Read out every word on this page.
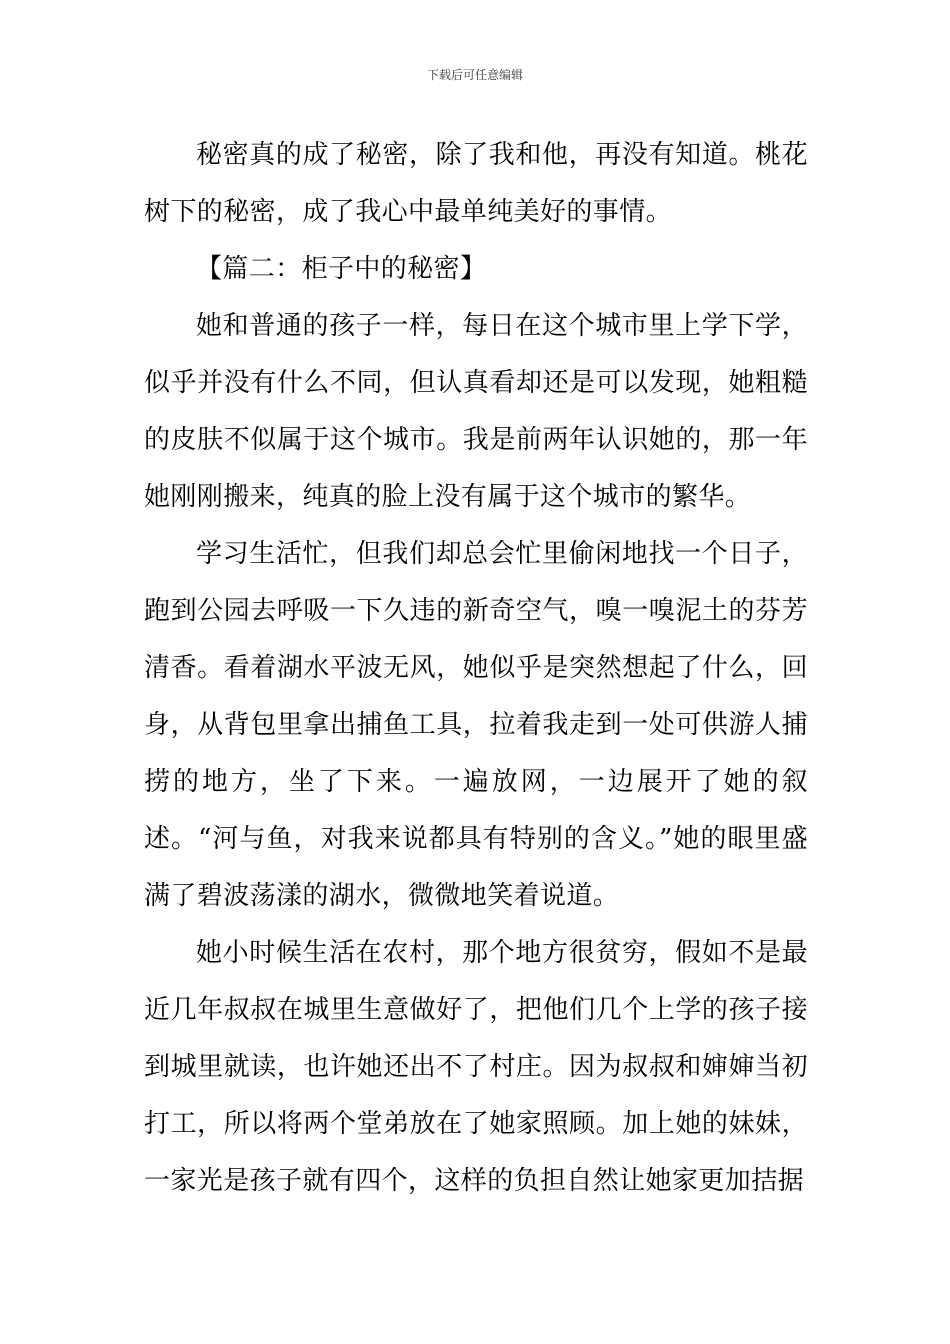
下载后可任意编辑

秘密真的成了秘密，除了我和他，再没有知道。桃花树下的秘密，成了我心中最单纯美好的事情。

【篇二：柜子中的秘密】

她和普通的孩子一样，每日在这个城市里上学下学，似乎并没有什么不同，但认真看却还是可以发现，她粗糙的皮肤不似属于这个城市。我是前两年认识她的，那一年她刚刚搬来，纯真的脸上没有属于这个城市的繁华。

学习生活忙，但我们却总会忙里偷闲地找一个日子，跑到公园去呼吸一下久违的新奇空气，嗅一嗅泥土的芬芳清香。看着湖水平波无风，她似乎是突然想起了什么，回身，从背包里拿出捕鱼工具，拉着我走到一处可供游人捕捞的地方，坐了下来。一遍放网，一边展开了她的叙述。“河与鱼，对我来说都具有特别的含义。”她的眼里盛满了碧波荡漾的湖水，微微地笑着说道。

她小时候生活在农村，那个地方很贫穷，假如不是最近几年叔叔在城里生意做好了，把他们几个上学的孩子接到城里就读，也许她还出不了村庄。因为叔叔和婶婶当初打工，所以将两个堂弟放在了她家照顾。加上她的妹妹，一家光是孩子就有四个，这样的负担自然让她家更加拮据
